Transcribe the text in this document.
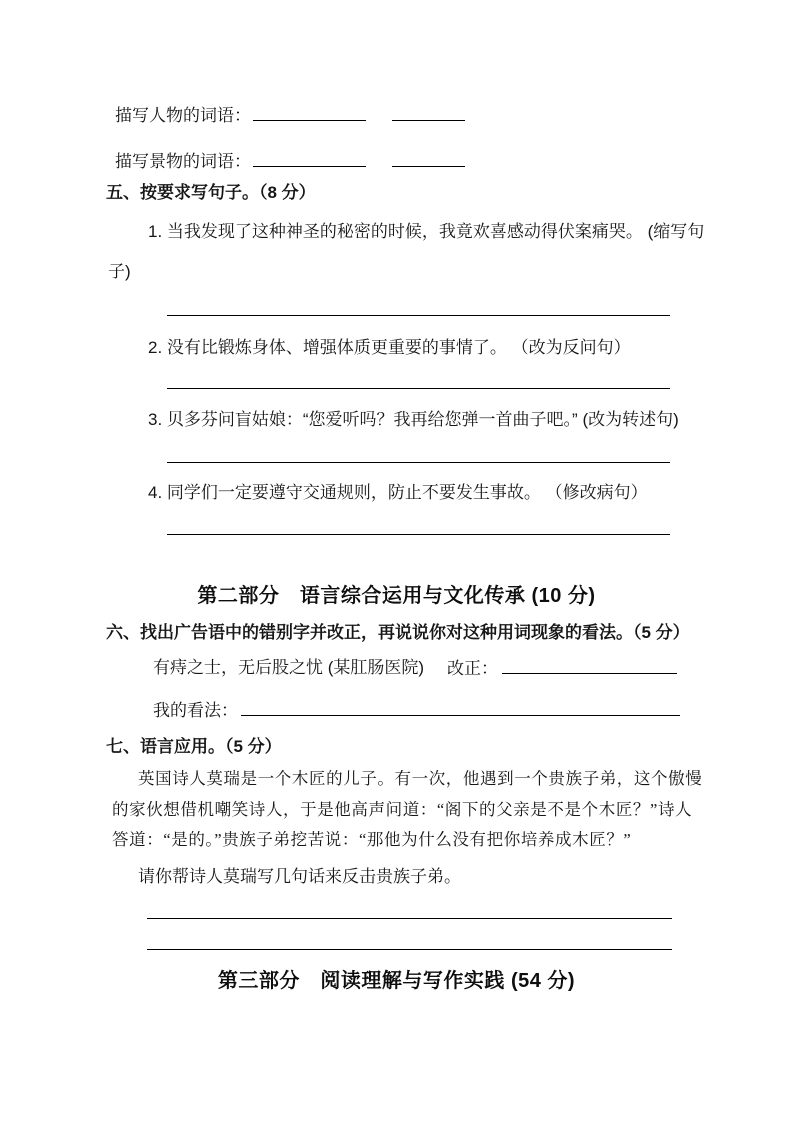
描写人物的词语：
描写景物的词语：
五、按要求写句子。（8 分）
1. 当我发现了这种神圣的秘密的时候，我竟欢喜感动得伏案痛哭。 (缩写句
子)
2. 没有比锻炼身体、增强体质更重要的事情了。 （改为反问句）
3. 贝多芬问盲姑娘：“您爱听吗？我再给您弹一首曲子吧。” (改为转述句)
4. 同学们一定要遵守交通规则，防止不要发生事故。 （修改病句）
第二部分　语言综合运用与文化传承 (10 分)
六、找出广告语中的错别字并改正，再说说你对这种用词现象的看法。（5 分）
有痔之士，无后股之忧 (某肛肠医院) 改正：
我的看法：
七、语言应用。（5 分）
英国诗人莫瑞是一个木匠的儿子。有一次，他遇到一个贵族子弟，这个傲慢
的家伙想借机嘲笑诗人，于是他高声问道：“阁下的父亲是不是个木匠？”诗人
答道：“是的。”贵族子弟挖苦说：“那他为什么没有把你培养成木匠？”
请你帮诗人莫瑞写几句话来反击贵族子弟。
第三部分　阅读理解与写作实践 (54 分)
